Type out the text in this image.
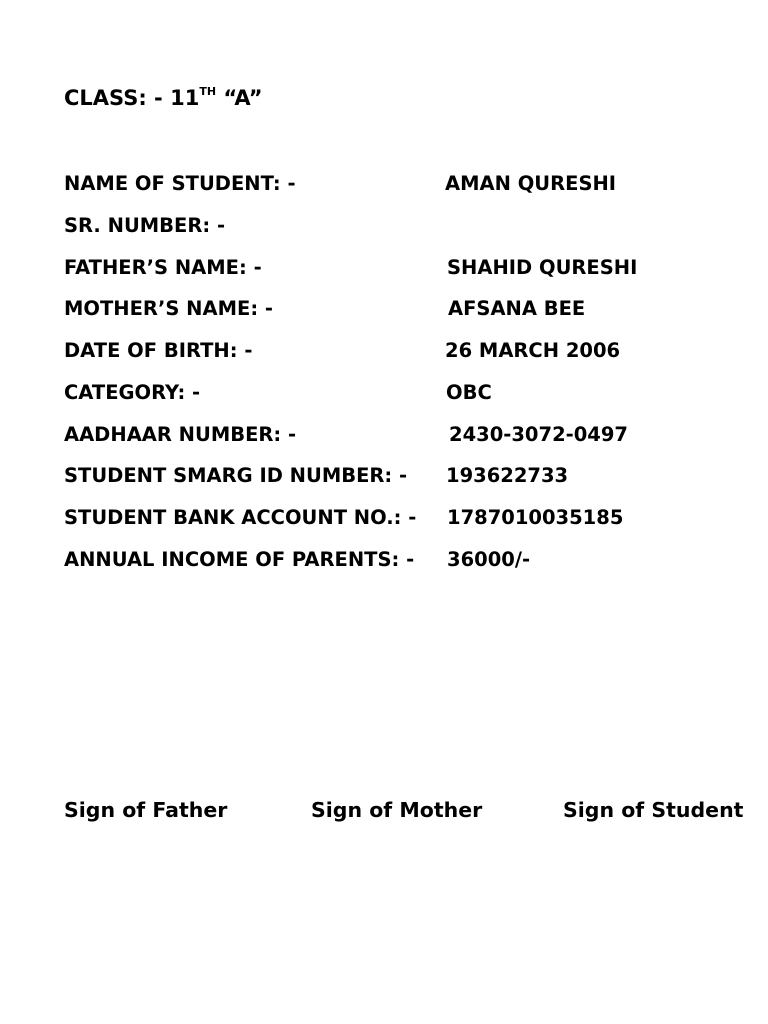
CLASS: - 11TH “A”
NAME OF STUDENT: -	AMAN QURESHI
SR. NUMBER: -
FATHER’S NAME: -	SHAHID QURESHI
MOTHER’S NAME: -	AFSANA BEE
DATE OF BIRTH: -	26 MARCH 2006
CATEGORY: -	OBC
AADHAAR NUMBER: -	2430-3072-0497
STUDENT SMARG ID NUMBER: - 193622733
STUDENT BANK ACCOUNT NO.: - 1787010035185
ANNUAL INCOME OF PARENTS: - 36000/-
Sign of Father	Sign of Mother	Sign of Student
